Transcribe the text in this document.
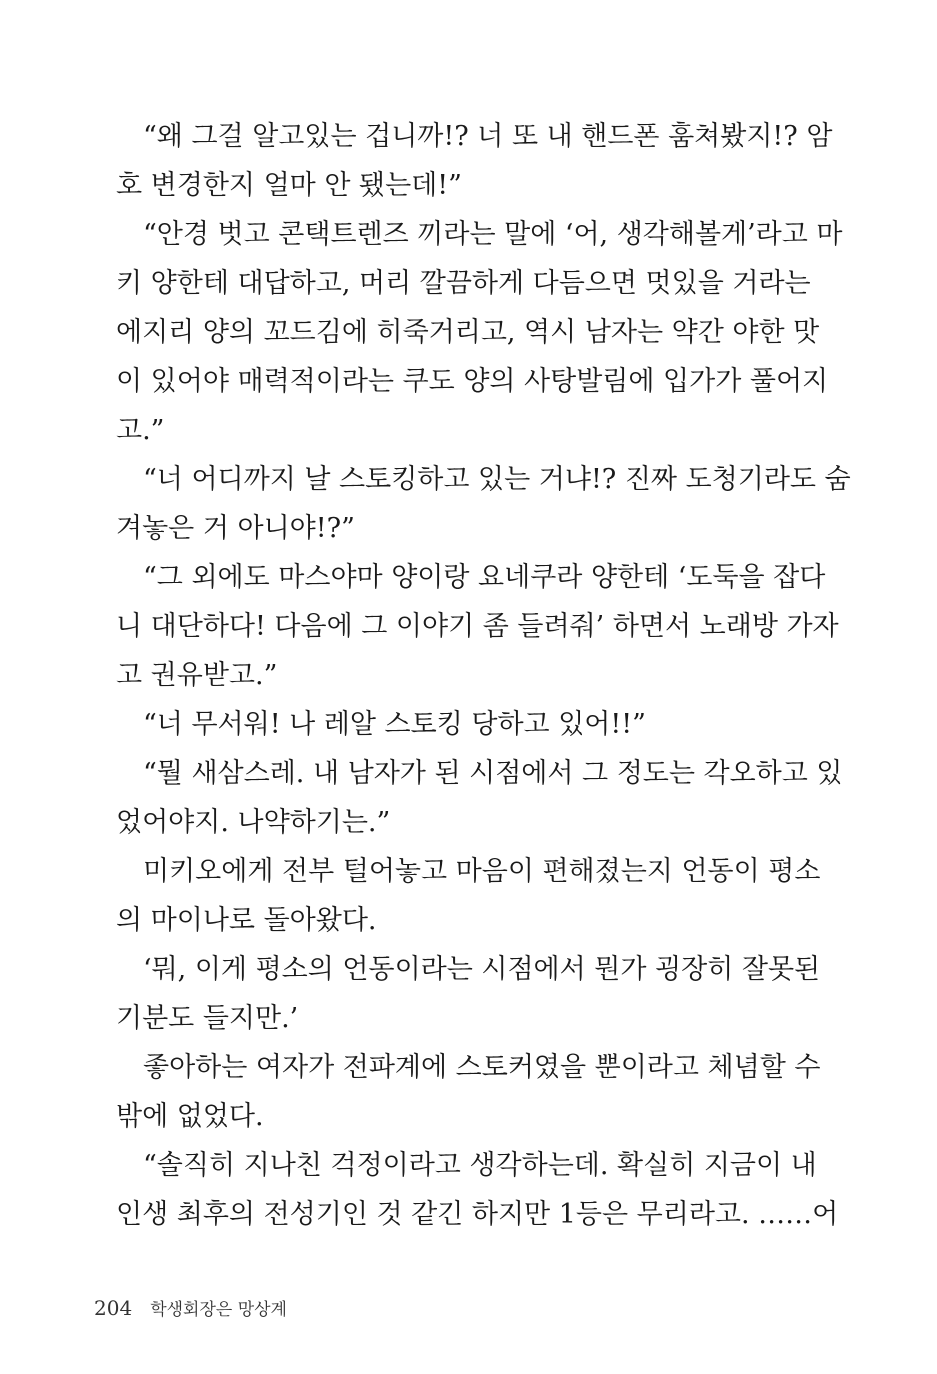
“왜 그걸 알고있는 겁니까!? 너 또 내 핸드폰 훔쳐봤지!? 암
호 변경한지 얼마 안 됐는데!”
“안경 벗고 콘택트렌즈 끼라는 말에 ‘어, 생각해볼게’라고 마
키 양한테 대답하고, 머리 깔끔하게 다듬으면 멋있을 거라는
에지리 양의 꼬드김에 히죽거리고, 역시 남자는 약간 야한 맛
이 있어야 매력적이라는 쿠도 양의 사탕발림에 입가가 풀어지
고.”
“너 어디까지 날 스토킹하고 있는 거냐!? 진짜 도청기라도 숨
겨놓은 거 아니야!?”
“그 외에도 마스야마 양이랑 요네쿠라 양한테 ‘도둑을 잡다
니 대단하다! 다음에 그 이야기 좀 들려줘’ 하면서 노래방 가자
고 권유받고.”
“너 무서워! 나 레알 스토킹 당하고 있어!!”
“뭘 새삼스레. 내 남자가 된 시점에서 그 정도는 각오하고 있
었어야지. 나약하기는.”
미키오에게 전부 털어놓고 마음이 편해졌는지 언동이 평소
의 마이나로 돌아왔다.
‘뭐, 이게 평소의 언동이라는 시점에서 뭔가 굉장히 잘못된
기분도 들지만.’
좋아하는 여자가 전파계에 스토커였을 뿐이라고 체념할 수
밖에 없었다.
“솔직히 지나친 걱정이라고 생각하는데. 확실히 지금이 내
인생 최후의 전성기인 것 같긴 하지만 1등은 무리라고. ……어
204 학생회장은 망상계
